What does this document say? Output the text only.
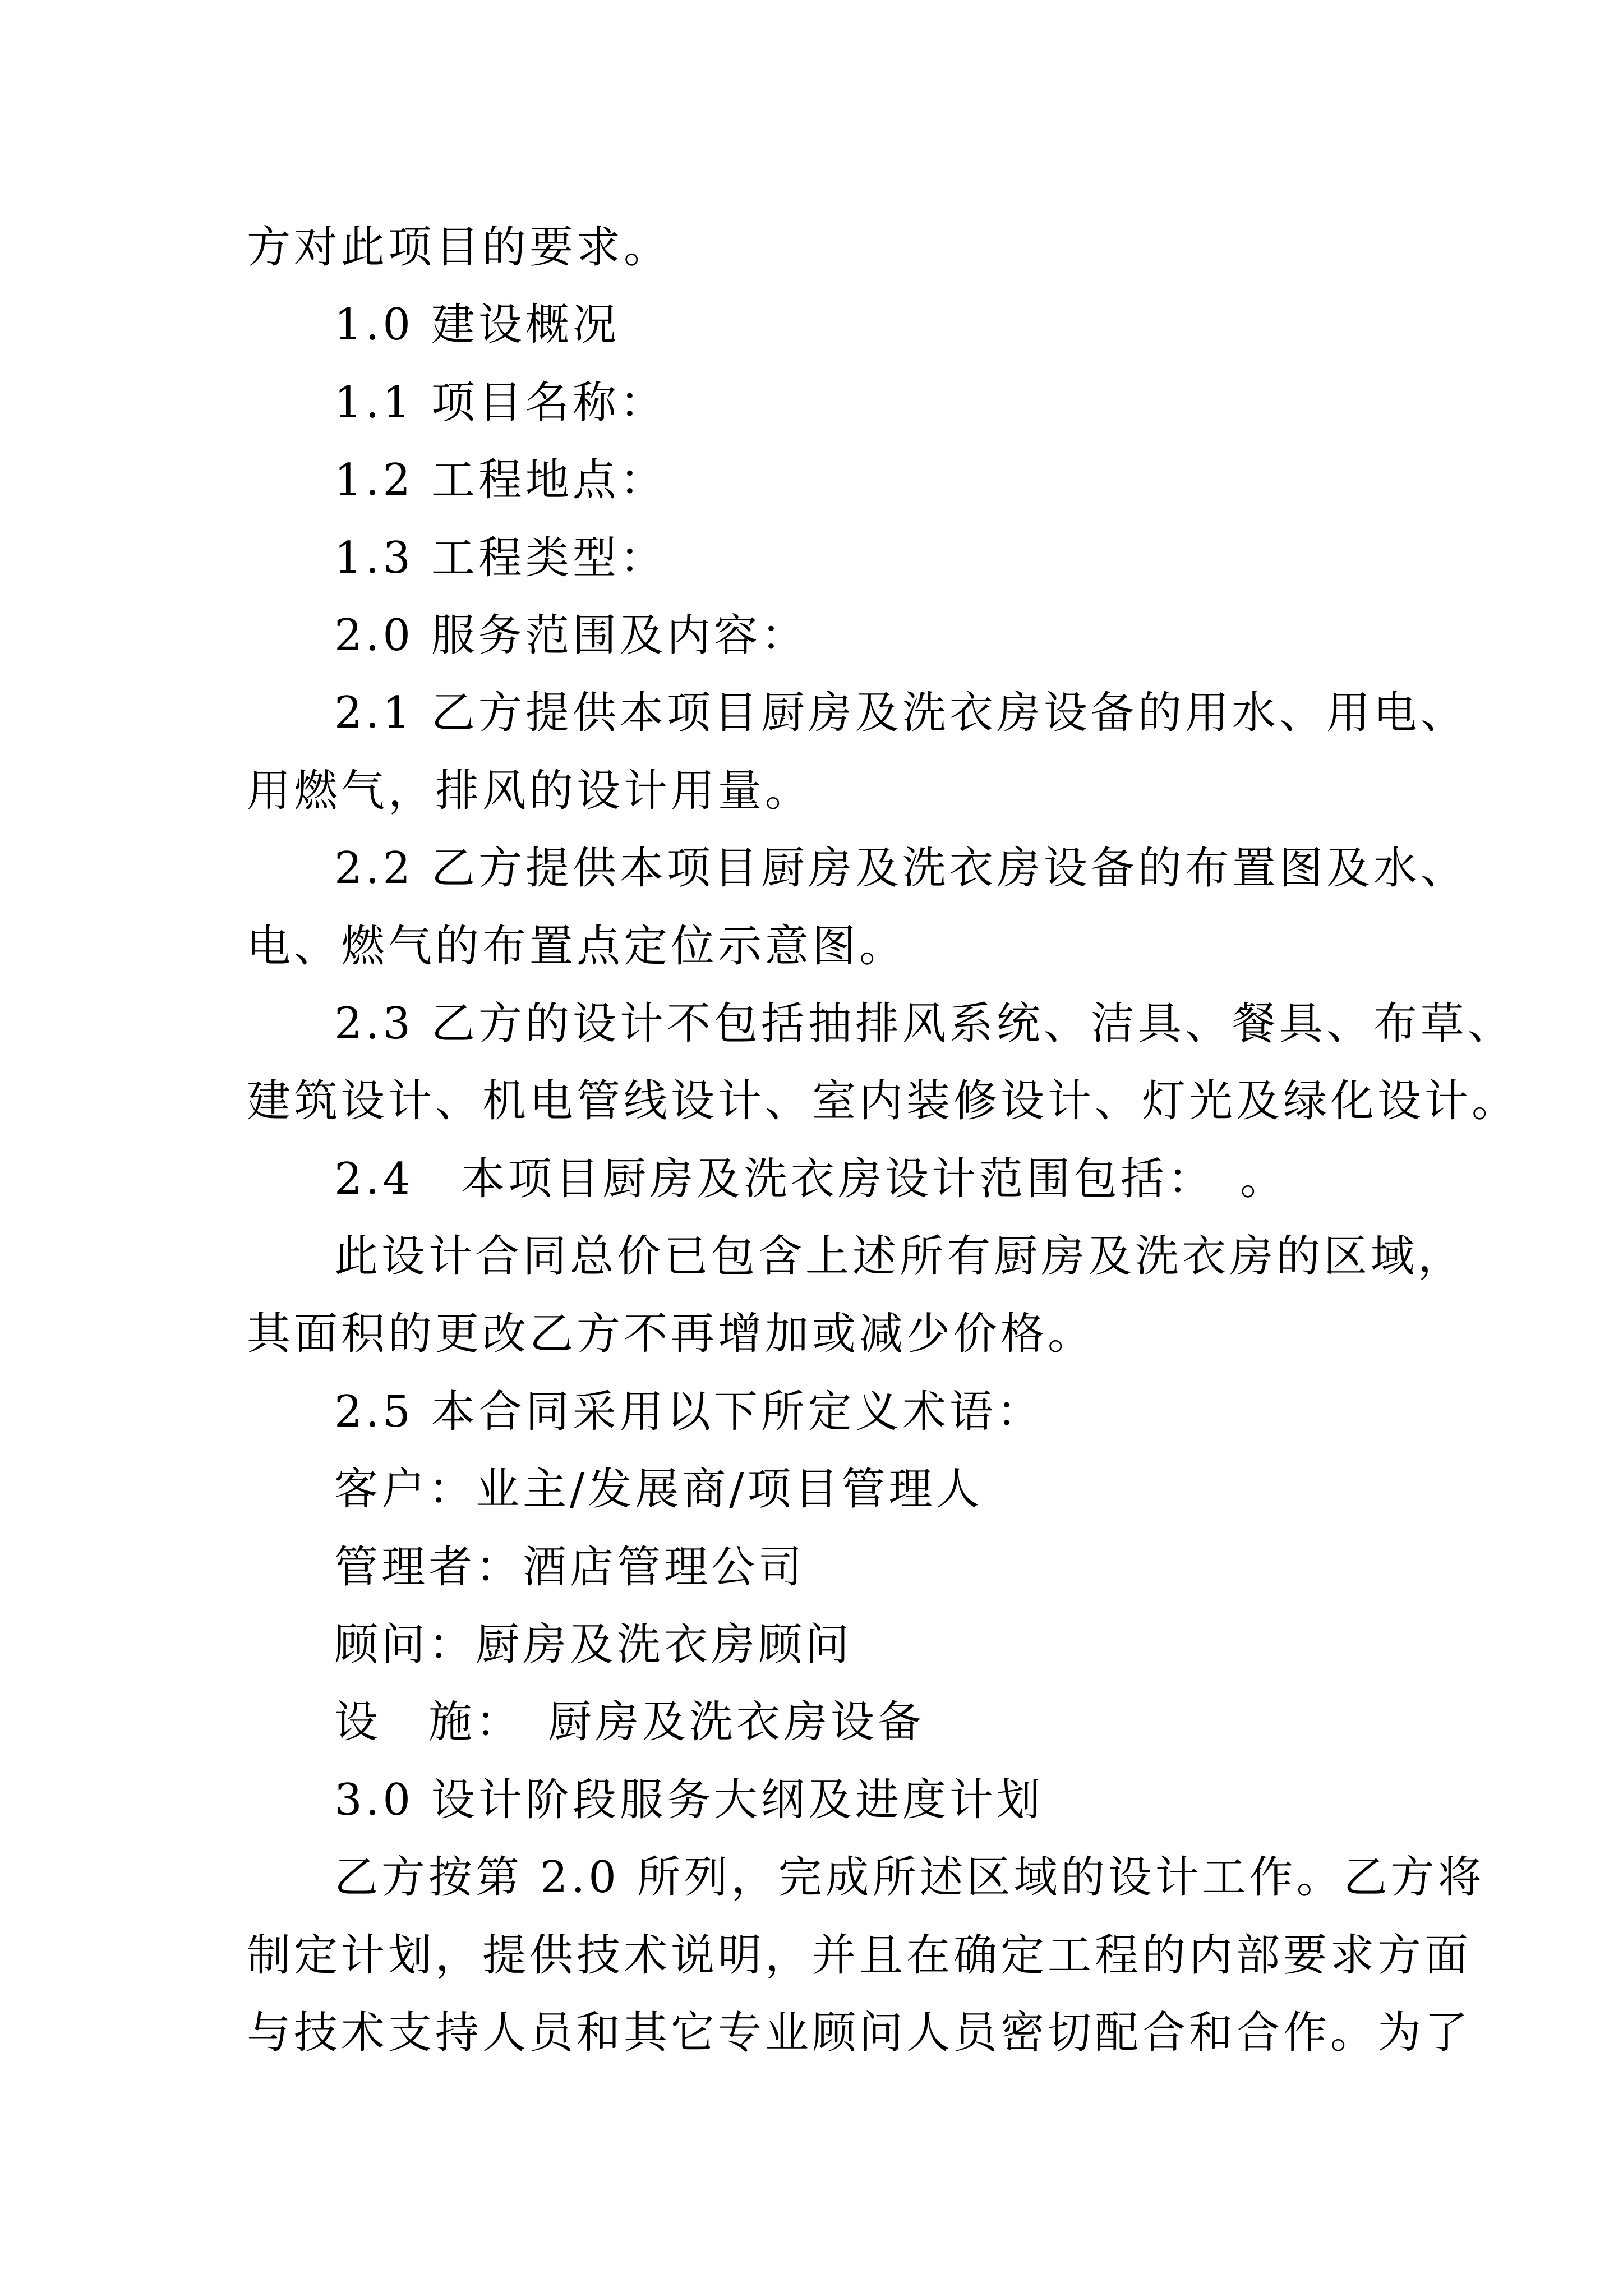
方对此项目的要求。
1.0 建设概况
1.1 项目名称：
1.2 工程地点：
1.3 工程类型：
2.0 服务范围及内容：
2.1 乙方提供本项目厨房及洗衣房设备的用水、用电、
用燃气，排风的设计用量。
2.2 乙方提供本项目厨房及洗衣房设备的布置图及水、
电、燃气的布置点定位示意图。
2.3 乙方的设计不包括抽排风系统、洁具、餐具、布草、
建筑设计、机电管线设计、室内装修设计、灯光及绿化设计。
2.4　本项目厨房及洗衣房设计范围包括：　。
此设计合同总价已包含上述所有厨房及洗衣房的区域，
其面积的更改乙方不再增加或减少价格。
2.5 本合同采用以下所定义术语：
客户：业主/发展商/项目管理人
管理者：酒店管理公司
顾问：厨房及洗衣房顾问
设　施：　厨房及洗衣房设备
3.0 设计阶段服务大纲及进度计划
乙方按第 2.0 所列，完成所述区域的设计工作。乙方将
制定计划，提供技术说明，并且在确定工程的内部要求方面
与技术支持人员和其它专业顾问人员密切配合和合作。为了
